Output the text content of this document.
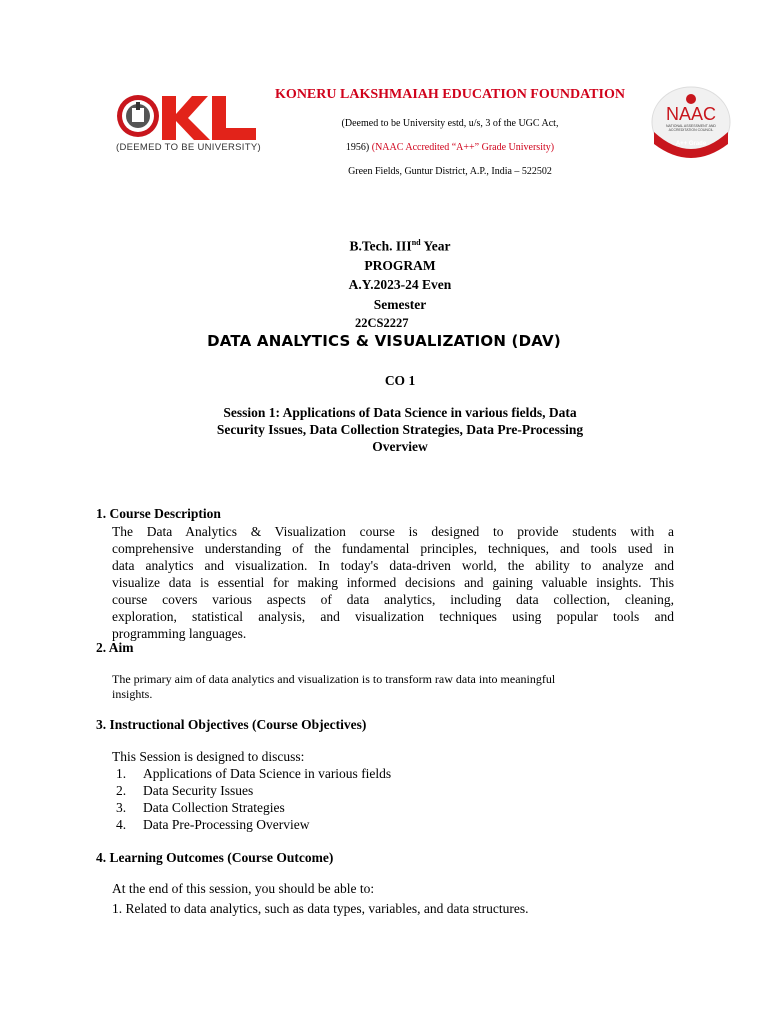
(DEEMED TO BE UNIVERSITY)
KONERU LAKSHMAIAH EDUCATION FOUNDATION
(Deemed to be University estd, u/s, 3 of the UGC Act,
1956) (NAAC Accredited “A++” Grade University)
Green Fields, Guntur District, A.P., India – 522502
NAAC
NATIONAL ASSESSMENT AND ACCREDITATION COUNCIL
A++ Grade
B.Tech. IIInd Year
PROGRAM
A.Y.2023-24 Even
Semester
22CS2227
DATA ANALYTICS & VISUALIZATION (DAV)
CO 1
Session 1: Applications of Data Science in various fields, Data
Security Issues, Data Collection Strategies, Data Pre-Processing
Overview
1. Course Description
The Data Analytics & Visualization course is designed to provide students with a
comprehensive understanding of the fundamental principles, techniques, and tools used in
data analytics and visualization. In today's data-driven world, the ability to analyze and
visualize data is essential for making informed decisions and gaining valuable insights. This
course covers various aspects of data analytics, including data collection, cleaning,
exploration, statistical analysis, and visualization techniques using popular tools and
programming languages.
2. Aim
The primary aim of data analytics and visualization is to transform raw data into meaningful
insights.
3. Instructional Objectives (Course Objectives)
This Session is designed to discuss:
1. Applications of Data Science in various fields
2. Data Security Issues
3. Data Collection Strategies
4. Data Pre-Processing Overview
4. Learning Outcomes (Course Outcome)
At the end of this session, you should be able to:
1. Related to data analytics, such as data types, variables, and data structures.
